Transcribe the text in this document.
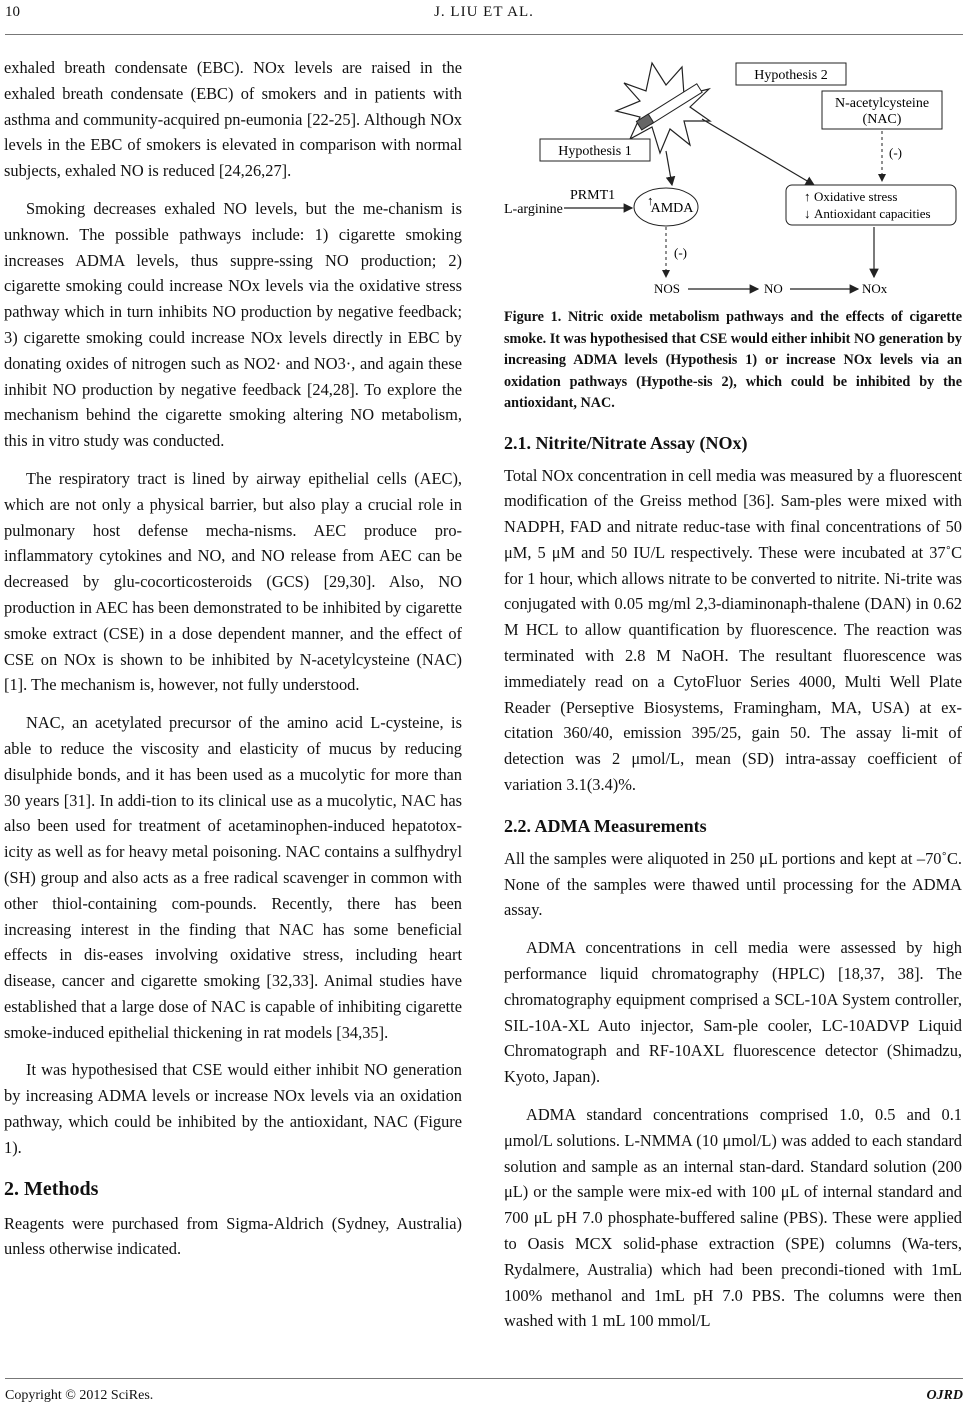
10	J. LIU ET AL.

exhaled breath condensate (EBC). NOx levels are raised in the exhaled breath condensate (EBC) of smokers and in patients with asthma and community-acquired pn-eumonia [22-25]. Although NOx levels in the EBC of smokers is elevated in comparison with normal subjects, exhaled NO is reduced [24,26,27].

Smoking decreases exhaled NO levels, but the me-chanism is unknown. The possible pathways include: 1) cigarette smoking increases ADMA levels, thus suppre-ssing NO production; 2) cigarette smoking could increase NOx levels via the oxidative stress pathway which in turn inhibits NO production by negative feedback; 3) cigarette smoking could increase NOx levels directly in EBC by donating oxides of nitrogen such as NO2· and NO3·, and again these inhibit NO production by negative feedback [24,28]. To explore the mechanism behind the cigarette smoking altering NO metabolism, this in vitro study was conducted.

The respiratory tract is lined by airway epithelial cells (AEC), which are not only a physical barrier, but also play a crucial role in pulmonary host defense mecha-nisms. AEC produce pro-inflammatory cytokines and NO, and NO release from AEC can be decreased by glu-cocorticosteroids (GCS) [29,30]. Also, NO production in AEC has been demonstrated to be inhibited by cigarette smoke extract (CSE) in a dose dependent manner, and the effect of CSE on NOx is shown to be inhibited by N-acetylcysteine (NAC) [1]. The mechanism is, however, not fully understood.

NAC, an acetylated precursor of the amino acid L-cysteine, is able to reduce the viscosity and elasticity of mucus by reducing disulphide bonds, and it has been used as a mucolytic for more than 30 years [31]. In addi-tion to its clinical use as a mucolytic, NAC has also been used for treatment of acetaminophen-induced hepatotox-icity as well as for heavy metal poisoning. NAC contains a sulfhydryl (SH) group and also acts as a free radical scavenger in common with other thiol-containing com-pounds. Recently, there has been increasing interest in the finding that NAC has some beneficial effects in dis-eases involving oxidative stress, including heart disease, cancer and cigarette smoking [32,33]. Animal studies have established that a large dose of NAC is capable of inhibiting cigarette smoke-induced epithelial thickening in rat models [34,35].

It was hypothesised that CSE would either inhibit NO generation by increasing ADMA levels or increase NOx levels via an oxidation pathway, which could be inhibited by the antioxidant, NAC (Figure 1).

2. Methods

Reagents were purchased from Sigma-Aldrich (Sydney, Australia) unless otherwise indicated.

Hypothesis 2
N-acetylcysteine
(NAC)
Hypothesis 1	(-)
L-arginine
PRMT1 ↑
AMDA
↑ Oxidative stress
↓ Antioxidant capacities
(-)
NOS	NO	NOx
Figure 1. Nitric oxide metabolism pathways and the effects of cigarette smoke. It was hypothesised that CSE would either inhibit NO generation by increasing ADMA levels (Hypothesis 1) or increase NOx levels via an oxidation pathways (Hypothe-sis 2), which could be inhibited by the antioxidant, NAC.
2.1. Nitrite/Nitrate Assay (NOx)

Total NOx concentration in cell media was measured by a fluorescent modification of the Greiss method [36]. Sam-ples were mixed with NADPH, FAD and nitrate reduc-tase with final concentrations of 50 μM, 5 μM and 50 IU/L respectively. These were incubated at 37˚C for 1 hour, which allows nitrate to be converted to nitrite. Ni-trite was conjugated with 0.05 mg/ml 2,3-diaminonaph-thalene (DAN) in 0.62 M HCL to allow quantification by fluorescence. The reaction was terminated with 2.8 M NaOH. The resultant fluorescence was immediately read on a CytoFluor Series 4000, Multi Well Plate Reader (Perseptive Biosystems, Framingham, MA, USA) at ex-citation 360/40, emission 395/25, gain 50. The assay li-mit of detection was 2 μmol/L, mean (SD) intra-assay coefficient of variation 3.1(3.4)%.

2.2. ADMA Measurements

All the samples were aliquoted in 250 μL portions and kept at –70˚C. None of the samples were thawed until processing for the ADMA assay.

ADMA concentrations in cell media were assessed by high performance liquid chromatography (HPLC) [18,37, 38]. The chromatography equipment comprised a SCL-10A System controller, SIL-10A-XL Auto injector, Sam-ple cooler, LC-10ADVP Liquid Chromatograph and RF-10AXL fluorescence detector (Shimadzu, Kyoto, Japan).

ADMA standard concentrations comprised 1.0, 0.5 and 0.1 μmol/L solutions. L-NMMA (10 μmol/L) was added to each standard solution and sample as an internal stan-dard. Standard solution (200 μL) or the sample were mix-ed with 100 μL of internal standard and 700 μL pH 7.0 phosphate-buffered saline (PBS). These were applied to Oasis MCX solid-phase extraction (SPE) columns (Wa-ters, Rydalmere, Australia) which had been precondi-tioned with 1mL 100% methanol and 1mL pH 7.0 PBS. The columns were then washed with 1 mL 100 mmol/L

Copyright © 2012 SciRes.	OJRD
